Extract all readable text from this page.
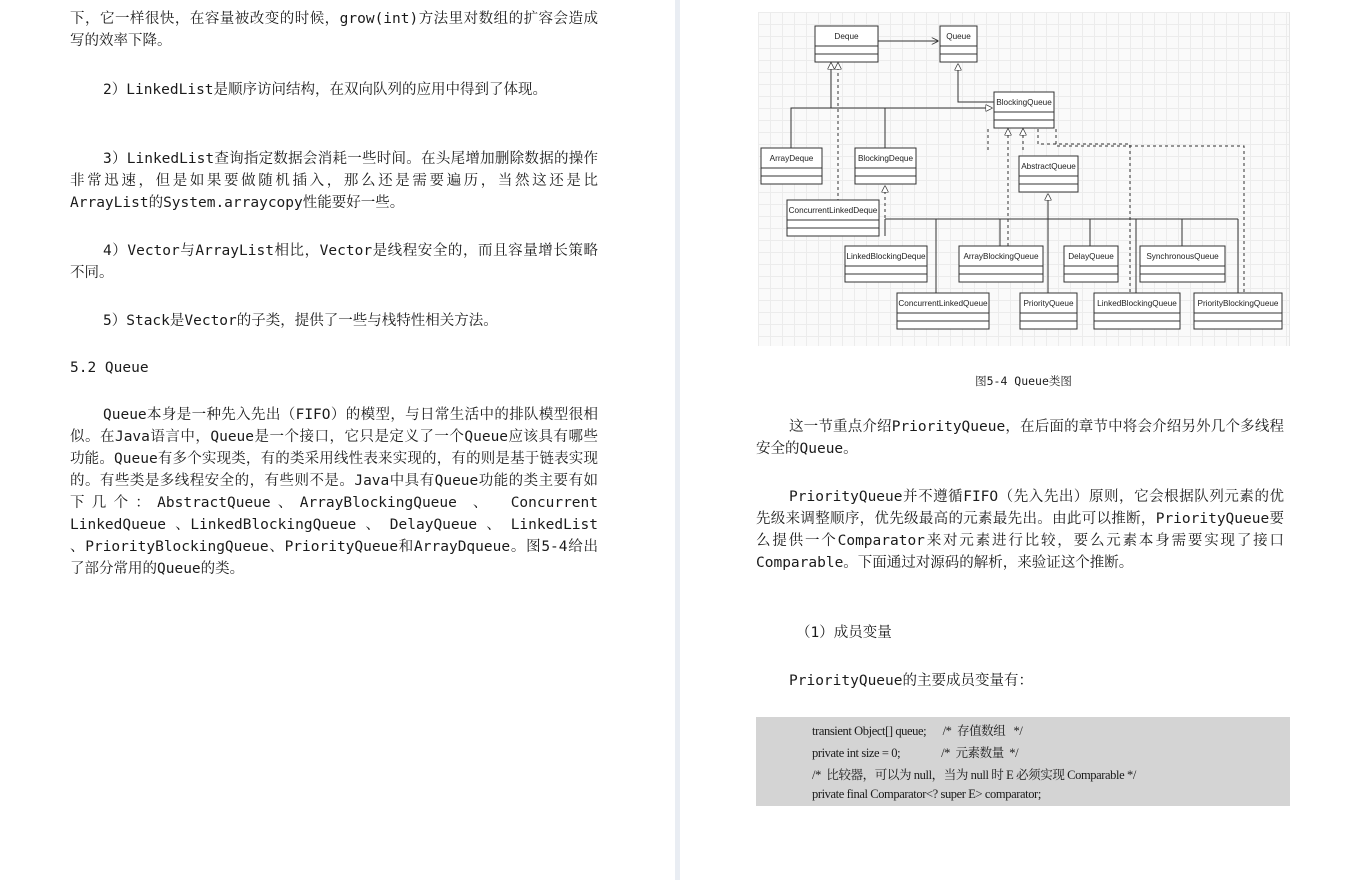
下，它一样很快，在容量被改变的时候，grow(int)方法里对数组的扩容会造成写的效率下降。

2）LinkedList是顺序访问结构，在双向队列的应用中得到了体现。

3）LinkedList查询指定数据会消耗一些时间。在头尾增加删除数据的操作非常迅速，但是如果要做随机插入，那么还是需要遍历，当然这还是比ArrayList的System.arraycopy性能要好一些。

4）Vector与ArrayList相比，Vector是线程安全的，而且容量增长策略不同。

5）Stack是Vector的子类，提供了一些与栈特性相关方法。

5.2 Queue

Queue本身是一种先入先出（FIFO）的模型，与日常生活中的排队模型很相似。在Java语言中，Queue是一个接口，它只是定义了一个Queue应该具有哪些功能。Queue有多个实现类，有的类采用线性表来实现的，有的则是基于链表实现的。有些类是多线程安全的，有些则不是。Java中具有Queue功能的类主要有如下几个：AbstractQueue、ArrayBlockingQueue 、 Concurrent LinkedQueue 、LinkedBlockingQueue 、 DelayQueue 、 LinkedList 、PriorityBlockingQueue、PriorityQueue和ArrayDqueue。图5-4给出了部分常用的Queue的类。

Deque	Queue
BlockingQueue
ArrayDeque	BlockingDeque
AbstractQueue
ConcurrentLinkedDeque
LinkedBlockingDeque	ArrayBlockingQueue	DelayQueue	SynchronousQueue
ConcurrentLinkedQueue	PriorityQueue	LinkedBlockingQueue	PriorityBlockingQueue
图5-4 Queue类图

这一节重点介绍PriorityQueue，在后面的章节中将会介绍另外几个多线程安全的Queue。

PriorityQueue并不遵循FIFO（先入先出）原则，它会根据队列元素的优先级来调整顺序，优先级最高的元素最先出。由此可以推断，PriorityQueue要么提供一个Comparator来对元素进行比较，要么元素本身需要实现了接口Comparable。下面通过对源码的解析，来验证这个推断。

（1）成员变量

PriorityQueue的主要成员变量有：

transient Object[] queue;      /*  存值数组   */
private int size = 0;               /*  元素数量  */
/*  比较器，可以为 null，当为 null 时 E 必须实现 Comparable */
private final Comparator<? super E> comparator;
